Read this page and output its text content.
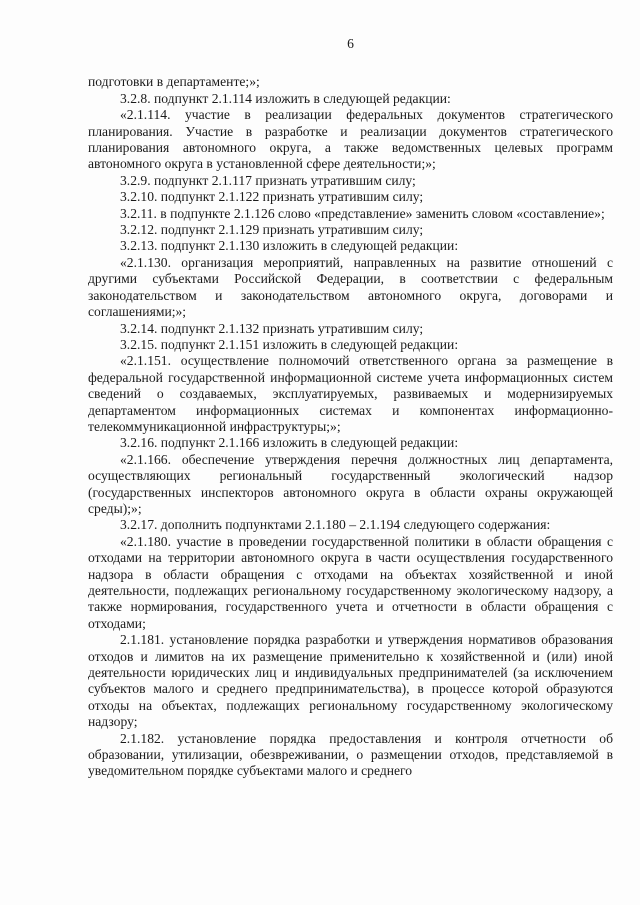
6

подготовки в департаменте;»;

3.2.8. подпункт 2.1.114 изложить в следующей редакции:

«2.1.114. участие в реализации федеральных документов стратегического планирования. Участие в разработке и реализации документов стратегического планирования автономного округа, а также ведомственных целевых программ автономного округа в установленной сфере деятельности;»;

3.2.9. подпункт 2.1.117 признать утратившим силу;

3.2.10. подпункт 2.1.122 признать утратившим силу;

3.2.11. в подпункте 2.1.126 слово «представление» заменить словом «составление»;

3.2.12. подпункт 2.1.129 признать утратившим силу;

3.2.13. подпункт 2.1.130 изложить в следующей редакции:

«2.1.130. организация мероприятий, направленных на развитие отношений с другими субъектами Российской Федерации, в соответствии с федеральным законодательством и законодательством автономного округа, договорами и соглашениями;»;

3.2.14. подпункт 2.1.132 признать утратившим силу;

3.2.15. подпункт 2.1.151 изложить в следующей редакции:

«2.1.151. осуществление полномочий ответственного органа за размещение в федеральной государственной информационной системе учета информационных систем сведений о создаваемых, эксплуатируемых, развиваемых и модернизируемых департаментом информационных системах и компонентах информационно-телекоммуникационной инфраструктуры;»;

3.2.16. подпункт 2.1.166 изложить в следующей редакции:

«2.1.166. обеспечение утверждения перечня должностных лиц департамента, осуществляющих региональный государственный экологический надзор (государственных инспекторов автономного округа в области охраны окружающей среды);»;

3.2.17. дополнить подпунктами 2.1.180 – 2.1.194 следующего содержания:

«2.1.180. участие в проведении государственной политики в области обращения с отходами на территории автономного округа в части осуществления государственного надзора в области обращения с отходами на объектах хозяйственной и иной деятельности, подлежащих региональному государственному экологическому надзору, а также нормирования, государственного учета и отчетности в области обращения с отходами;

2.1.181. установление порядка разработки и утверждения нормативов образования отходов и лимитов на их размещение применительно к хозяйственной и (или) иной деятельности юридических лиц и индивидуальных предпринимателей (за исключением субъектов малого и среднего предпринимательства), в процессе которой образуются отходы на объектах, подлежащих региональному государственному экологическому надзору;

2.1.182. установление порядка предоставления и контроля отчетности об образовании, утилизации, обезвреживании, о размещении отходов, представляемой в уведомительном порядке субъектами малого и среднего
